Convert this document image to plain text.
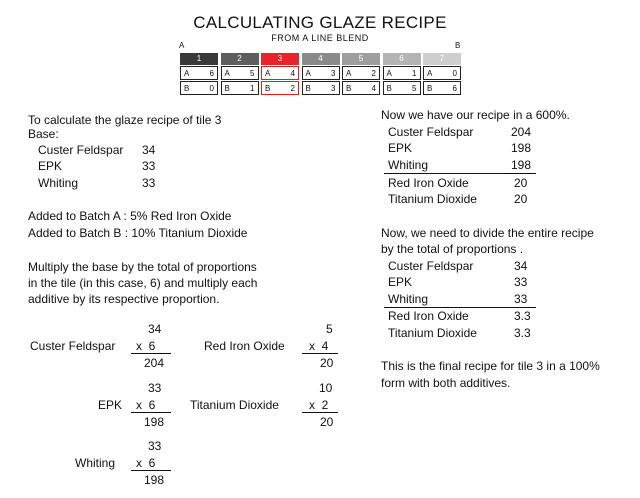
CALCULATING GLAZE RECIPE
FROM A LINE BLEND
A	B
1
A	6
B	0
2
A	5
B	1
3
A	4
B	2
4
A	3
B	3
5
A	2
B	4
6
A	1
B	5
7
A	0
B	6
To calculate the glaze recipe of tile 3
Base:
Custer Feldspar 34
EPK	33
Whiting	33
Added to Batch A : 5% Red Iron Oxide
Added to Batch B : 10% Titanium Dioxide
Multiply the base by the total of proportions
in the tile (in this case, 6) and multiply each
additive by its respective proportion.
Custer Feldspar
34
x  6
204
EPK
33
x  6
198
Whiting
33
x  6
198
Red Iron Oxide
5
x  4
20
Titanium Dioxide
10
x  2
20
Now we have our recipe in a 600%.
Custer Feldspar	204
EPK	198
Whiting	198
Red Iron Oxide	20
Titanium Dioxide	20
Now, we need to divide the entire recipe
by the total of proportions .
Custer Feldspar	34
EPK	33
Whiting	33
Red Iron Oxide	3.3
Titanium Dioxide	3.3
This is the final recipe for tile 3 in a 100%
form with both additives.
